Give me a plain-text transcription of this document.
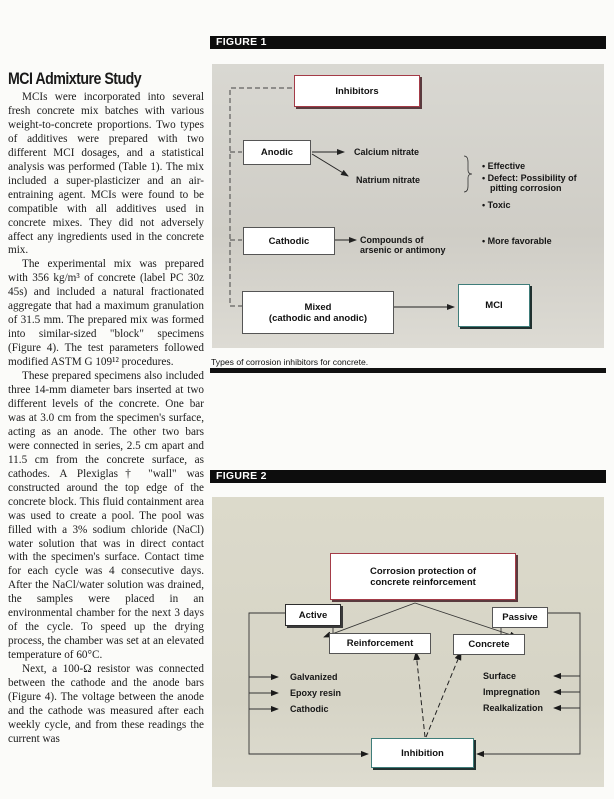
MCI Admixture Study

MCIs were incorporated into several fresh concrete mix batches with various weight-to-concrete proportions. Two types of additives were prepared with two different MCI dosages, and a statistical analysis was performed (Table 1). The mix included a super-plasticizer and an air-entraining agent. MCIs were found to be compatible with all additives used in concrete mixes. They did not adversely affect any ingredients used in the concrete mix.

The experimental mix was prepared with 356 kg/m³ of concrete (label PC 30z 45s) and included a natural fractionated aggregate that had a maximum granulation of 31.5 mm. The prepared mix was formed into similar-sized "block" specimens (Figure 4). The test parameters followed modified ASTM G 109¹² procedures.

These prepared specimens also included three 14-mm diameter bars inserted at two different levels of the concrete. One bar was at 3.0 cm from the specimen's surface, acting as an anode. The other two bars were connected in series, 2.5 cm apart and 11.5 cm from the concrete surface, as cathodes. A Plexiglas† "wall" was constructed around the top edge of the concrete block. This fluid containment area was used to create a pool. The pool was filled with a 3% sodium chloride (NaCl) water solution that was in direct contact with the specimen's surface. Contact time for each cycle was 4 consecutive days. After the NaCl/water solution was drained, the samples were placed in an environmental chamber for the next 3 days of the cycle. To speed up the drying process, the chamber was set at an elevated temperature of 60°C.

Next, a 100-Ω resistor was connected between the cathode and the anode bars (Figure 4). The voltage between the anode and the cathode was measured after each weekly cycle, and from these readings the current was

FIGURE 1
Inhibitors
Anodic	Calcium nitrate
Natrium nitrate
• Effective
• Defect: Possibility of
pitting corrosion
• Toxic
Cathodic	Compounds of
arsenic or antimony
• More favorable
Mixed
(cathodic and anodic)
MCI
Types of corrosion inhibitors for concrete.
FIGURE 2
Corrosion protection of
concrete reinforcement
Active	Passive
Reinforcement	Concrete
Galvanized
Epoxy resin
Cathodic
Surface
Impregnation
Realkalization
Inhibition
